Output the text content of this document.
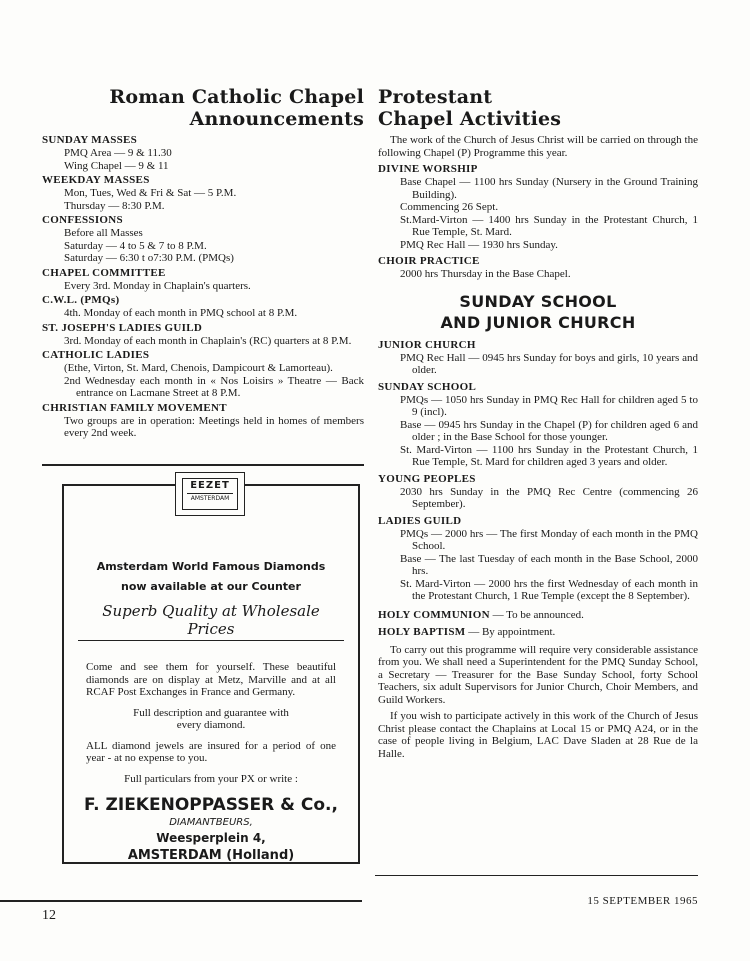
Roman Catholic Chapel
Announcements
SUNDAY MASSES
PMQ Area — 9 & 11.30
Wing Chapel — 9 & 11
WEEKDAY MASSES
Mon, Tues, Wed & Fri & Sat — 5 P.M.
Thursday — 8:30 P.M.
CONFESSIONS
Before all Masses
Saturday — 4 to 5 & 7 to 8 P.M.
Saturday — 6:30 t o7:30 P.M. (PMQs)
CHAPEL COMMITTEE
Every 3rd. Monday in Chaplain's quarters.
C.W.L. (PMQs)
4th. Monday of each month in PMQ school at 8 P.M.
ST. JOSEPH'S LADIES GUILD
3rd. Monday of each month in Chaplain's (RC) quarters at 8 P.M.
CATHOLIC LADIES
(Ethe, Virton, St. Mard, Chenois, Dampicourt & Lamorteau).
2nd Wednesday each month in « Nos Loisirs » Theatre — Back entrance on Lacmane Street at 8 P.M.
CHRISTIAN FAMILY MOVEMENT
Two groups are in operation: Meetings held in homes of members every 2nd week.
EEZET
AMSTERDAM
Amsterdam World Famous Diamonds
now available at our Counter
Superb Quality at Wholesale Prices
Come and see them for yourself. These beautiful diamonds are on display at Metz, Marville and at all RCAF Post Exchanges in France and Germany.
Full description and guarantee with every diamond.
ALL diamond jewels are insured for a period of one year - at no expense to you.
Full particulars from your PX or write :
F. ZIEKENOPPASSER & Co.,
DIAMANTBEURS,
Weesperplein 4,
AMSTERDAM (Holland)
Protestant
Chapel Activities
The work of the Church of Jesus Christ will be carried on through the following Chapel (P) Programme this year.
DIVINE WORSHIP
Base Chapel — 1100 hrs Sunday (Nursery in the Ground Training Building).
Commencing 26 Sept.
St.Mard-Virton — 1400 hrs Sunday in the Protestant Church, 1 Rue Temple, St. Mard.
PMQ Rec Hall — 1930 hrs Sunday.
CHOIR PRACTICE
2000 hrs Thursday in the Base Chapel.
SUNDAY SCHOOL
AND JUNIOR CHURCH
JUNIOR CHURCH
PMQ Rec Hall — 0945 hrs Sunday for boys and girls, 10 years and older.
SUNDAY SCHOOL
PMQs — 1050 hrs Sunday in PMQ Rec Hall for children aged 5 to 9 (incl).
Base — 0945 hrs Sunday in the Chapel (P) for children aged 6 and older ; in the Base School for those younger.
St. Mard-Virton — 1100 hrs Sunday in the Protestant Church, 1 Rue Temple, St. Mard for children aged 3 years and older.
YOUNG PEOPLES
2030 hrs Sunday in the PMQ Rec Centre (commencing 26 September).
LADIES GUILD
PMQs — 2000 hrs — The first Monday of each month in the PMQ School.
Base — The last Tuesday of each month in the Base School, 2000 hrs.
St. Mard-Virton — 2000 hrs the first Wednesday of each month in the Protestant Church, 1 Rue Temple (except the 8 September).
HOLY COMMUNION — To be announced.
HOLY BAPTISM — By appointment.
To carry out this programme will require very considerable assistance from you. We shall need a Superintendent for the PMQ Sunday School, a Secretary — Treasurer for the Base Sunday School, forty School Teachers, six adult Supervisors for Junior Church, Choir Members, and Guild Workers.
If you wish to participate actively in this work of the Church of Jesus Christ please contact the Chaplains at Local 15 or PMQ A24, or in the case of people living in Belgium, LAC Dave Sladen at 28 Rue de la Halle.
12
15 SEPTEMBER 1965
